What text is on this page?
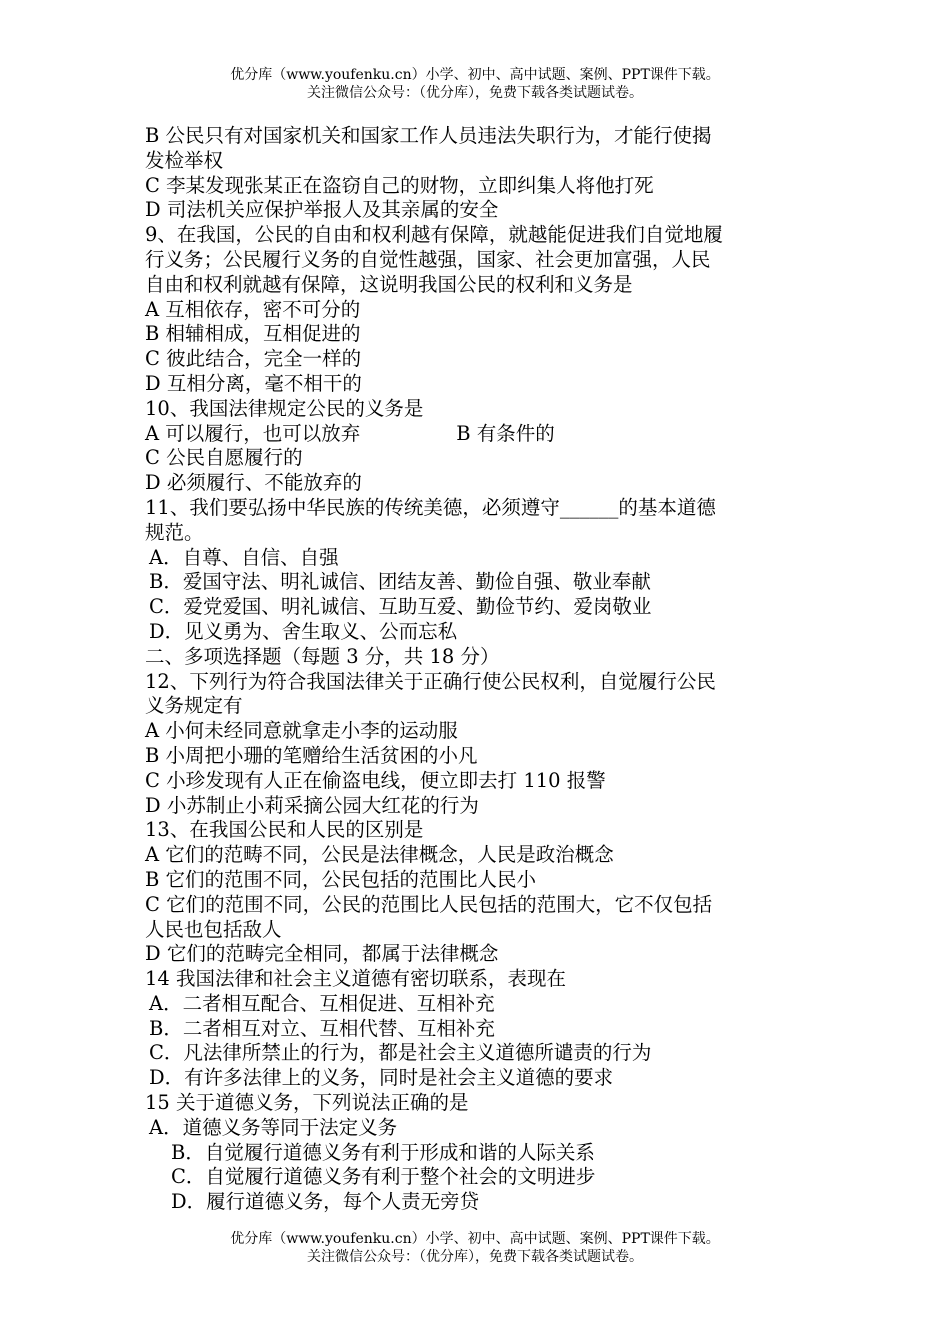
优分库（www.youfenku.cn）小学、初中、高中试题、案例、PPT课件下载。
关注微信公众号：（优分库），免费下载各类试题试卷。
B 公民只有对国家机关和国家工作人员违法失职行为，才能行使揭
发检举权
C 李某发现张某正在盗窃自己的财物，立即纠集人将他打死
D 司法机关应保护举报人及其亲属的安全
9、在我国，公民的自由和权利越有保障，就越能促进我们自觉地履
行义务；公民履行义务的自觉性越强，国家、社会更加富强，人民
自由和权利就越有保障，这说明我国公民的权利和义务是
A 互相依存，密不可分的
B 相辅相成，互相促进的
C 彼此结合，完全一样的
D 互相分离，毫不相干的
10、我国法律规定公民的义务是
A 可以履行，也可以放弃	B 有条件的
C 公民自愿履行的
D 必须履行、不能放弃的
11、我们要弘扬中华民族的传统美德，必须遵守______的基本道德
规范。
A．自尊、自信、自强
B．爱国守法、明礼诚信、团结友善、勤俭自强、敬业奉献
C．爱党爱国、明礼诚信、互助互爱、勤俭节约、爱岗敬业
D．见义勇为、舍生取义、公而忘私
二、多项选择题（每题 3 分，共 18 分）
12、下列行为符合我国法律关于正确行使公民权利，自觉履行公民
义务规定有
A 小何未经同意就拿走小李的运动服
B 小周把小珊的笔赠给生活贫困的小凡
C 小珍发现有人正在偷盗电线，便立即去打 110 报警
D 小苏制止小莉采摘公园大红花的行为
13、在我国公民和人民的区别是
A 它们的范畴不同，公民是法律概念，人民是政治概念
B 它们的范围不同，公民包括的范围比人民小
C 它们的范围不同，公民的范围比人民包括的范围大，它不仅包括
人民也包括敌人
D 它们的范畴完全相同，都属于法律概念
14 我国法律和社会主义道德有密切联系，表现在
A．二者相互配合、互相促进、互相补充
B．二者相互对立、互相代替、互相补充
C．凡法律所禁止的行为，都是社会主义道德所谴责的行为
D．有许多法律上的义务，同时是社会主义道德的要求
15 关于道德义务，下列说法正确的是
A．道德义务等同于法定义务
B．自觉履行道德义务有利于形成和谐的人际关系
C．自觉履行道德义务有利于整个社会的文明进步
D．履行道德义务，每个人责无旁贷
优分库（www.youfenku.cn）小学、初中、高中试题、案例、PPT课件下载。
关注微信公众号：（优分库），免费下载各类试题试卷。
